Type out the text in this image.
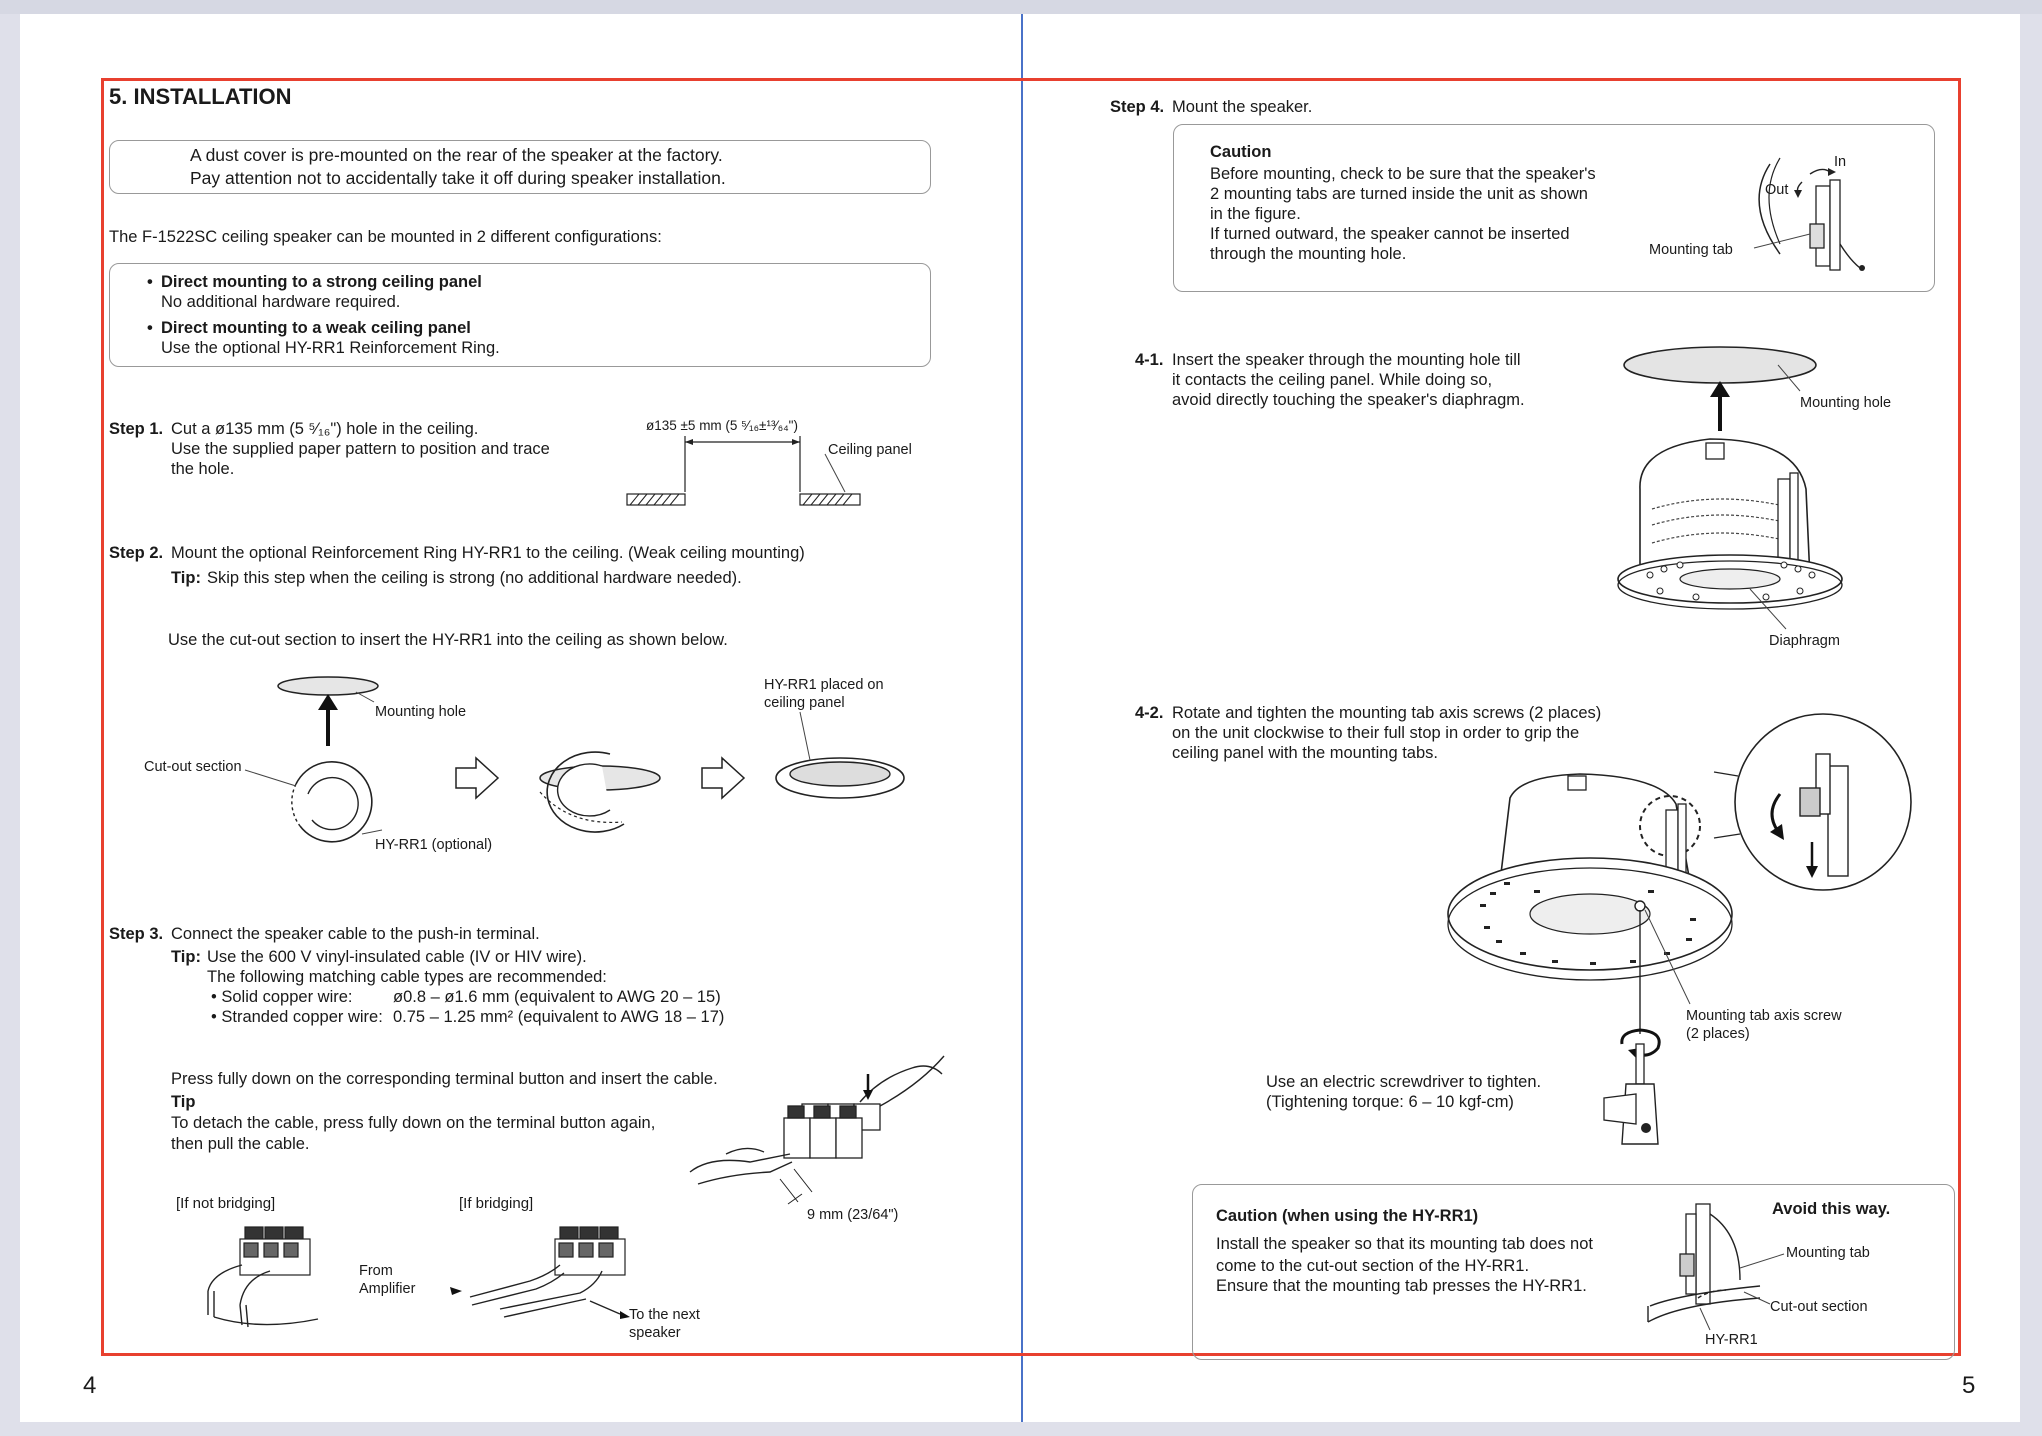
5. INSTALLATION
A dust cover is pre-mounted on the rear of the speaker at the factory.
Pay attention not to accidentally take it off during speaker installation.
The F-1522SC ceiling speaker can be mounted in 2 different configurations:
• Direct mounting to a strong ceiling panel
No additional hardware required.
• Direct mounting to a weak ceiling panel
Use the optional HY-RR1 Reinforcement Ring.
Step 1. Cut a ø135 mm (5 ⁵⁄₁₆") hole in the ceiling.
Use the supplied paper pattern to position and trace
the hole.
ø135 ±5 mm (5 ⁵⁄₁₆±¹³⁄₆₄")
Ceiling panel
Step 2. Mount the optional Reinforcement Ring HY-RR1 to the ceiling. (Weak ceiling mounting)
Tip: Skip this step when the ceiling is strong (no additional hardware needed).
Use the cut-out section to insert the HY-RR1 into the ceiling as shown below.
Mounting hole
Cut-out section
HY-RR1 (optional)
HY-RR1 placed on
ceiling panel
Step 3. Connect the speaker cable to the push-in terminal.
Tip: Use the 600 V vinyl-insulated cable (IV or HIV wire).
The following matching cable types are recommended:
• Solid copper wire: ø0.8 – ø1.6 mm (equivalent to AWG 20 – 15)
• Stranded copper wire: 0.75 – 1.25 mm² (equivalent to AWG 18 – 17)
Press fully down on the corresponding terminal button and insert the cable.
Tip
To detach the cable, press fully down on the terminal button again,
then pull the cable.
9 mm (23/64")
[If not bridging]	[If bridging]
From
Amplifier
To the next
speaker
4
Step 4. Mount the speaker.
Caution
Before mounting, check to be sure that the speaker's
2 mounting tabs are turned inside the unit as shown
in the figure.
If turned outward, the speaker cannot be inserted
through the mounting hole.
In
Out
Mounting tab
4-1. Insert the speaker through the mounting hole till
it contacts the ceiling panel. While doing so,
avoid directly touching the speaker's diaphragm.	Mounting hole
Diaphragm
4-2. Rotate and tighten the mounting tab axis screws (2 places)
on the unit clockwise to their full stop in order to grip the
ceiling panel with the mounting tabs.
Mounting tab axis screw
(2 places)
Use an electric screwdriver to tighten.
(Tightening torque: 6 – 10 kgf-cm)
Caution (when using the HY-RR1)
Install the speaker so that its mounting tab does not
come to the cut-out section of the HY-RR1.
Ensure that the mounting tab presses the HY-RR1.
Avoid this way.
Mounting tab
Cut-out section
HY-RR1
5
